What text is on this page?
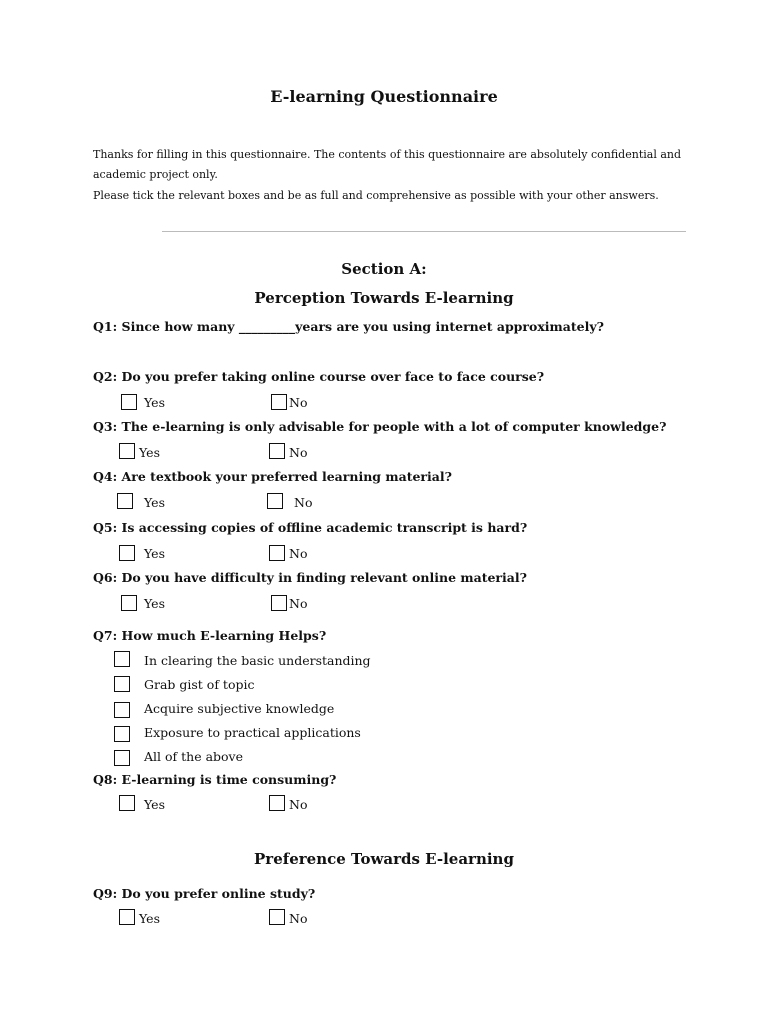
E-learning Questionnaire
Thanks for filling in this questionnaire. The contents of this questionnaire are absolutely confidential and
academic project only.
Please tick the relevant boxes and be as full and comprehensive as possible with your other answers.
Section A:
Perception Towards E-learning
Q1: Since how many _________years are you using internet approximately?
Q2: Do you prefer taking online course over face to face course?
Yes	No
Q3: The e-learning is only advisable for people with a lot of computer knowledge?
Yes	No
Q4: Are textbook your preferred learning material?
Yes	No
Q5: Is accessing copies of offline academic transcript is hard?
Yes	No
Q6: Do you have difficulty in finding relevant online material?
Yes	No
Q7: How much E-learning Helps?
In clearing the basic understanding
Grab gist of topic
Acquire subjective knowledge
Exposure to practical applications
All of the above
Q8: E-learning is time consuming?
Yes	No
Preference Towards E-learning
Q9: Do you prefer online study?
Yes	No
